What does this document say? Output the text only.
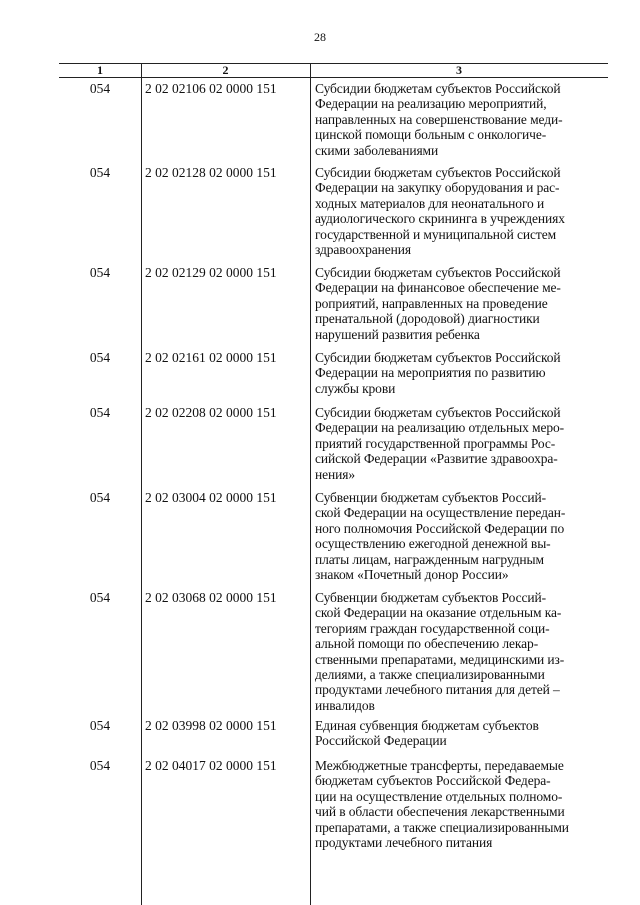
28
1	2	3
054	2 02 02106 02 0000 151	Субсидии бюджетам субъектов Российской
Федерации на реализацию мероприятий,
направленных на совершенствование меди-
цинской помощи больным с онкологиче-
скими заболеваниями
054	2 02 02128 02 0000 151	Субсидии бюджетам субъектов Российской
Федерации на закупку оборудования и рас-
ходных материалов для неонатального и
аудиологического скрининга в учреждениях
государственной и муниципальной систем
здравоохранения
054	2 02 02129 02 0000 151	Субсидии бюджетам субъектов Российской
Федерации на финансовое обеспечение ме-
роприятий, направленных на проведение
пренатальной (дородовой) диагностики
нарушений развития ребенка
054	2 02 02161 02 0000 151	Субсидии бюджетам субъектов Российской
Федерации на мероприятия по развитию
службы крови
054	2 02 02208 02 0000 151	Субсидии бюджетам субъектов Российской
Федерации на реализацию отдельных меро-
приятий государственной программы Рос-
сийской Федерации «Развитие здравоохра-
нения»
054	2 02 03004 02 0000 151	Субвенции бюджетам субъектов Россий-
ской Федерации на осуществление передан-
ного полномочия Российской Федерации по
осуществлению ежегодной денежной вы-
платы лицам, награжденным нагрудным
знаком «Почетный донор России»
054	2 02 03068 02 0000 151	Субвенции бюджетам субъектов Россий-
ской Федерации на оказание отдельным ка-
тегориям граждан государственной соци-
альной помощи по обеспечению лекар-
ственными препаратами, медицинскими из-
делиями, а также специализированными
продуктами лечебного питания для детей –
инвалидов
054	2 02 03998 02 0000 151	Единая субвенция бюджетам субъектов
Российской Федерации
054	2 02 04017 02 0000 151	Межбюджетные трансферты, передаваемые
бюджетам субъектов Российской Федера-
ции на осуществление отдельных полномо-
чий в области обеспечения лекарственными
препаратами, а также специализированными
продуктами лечебного питания
